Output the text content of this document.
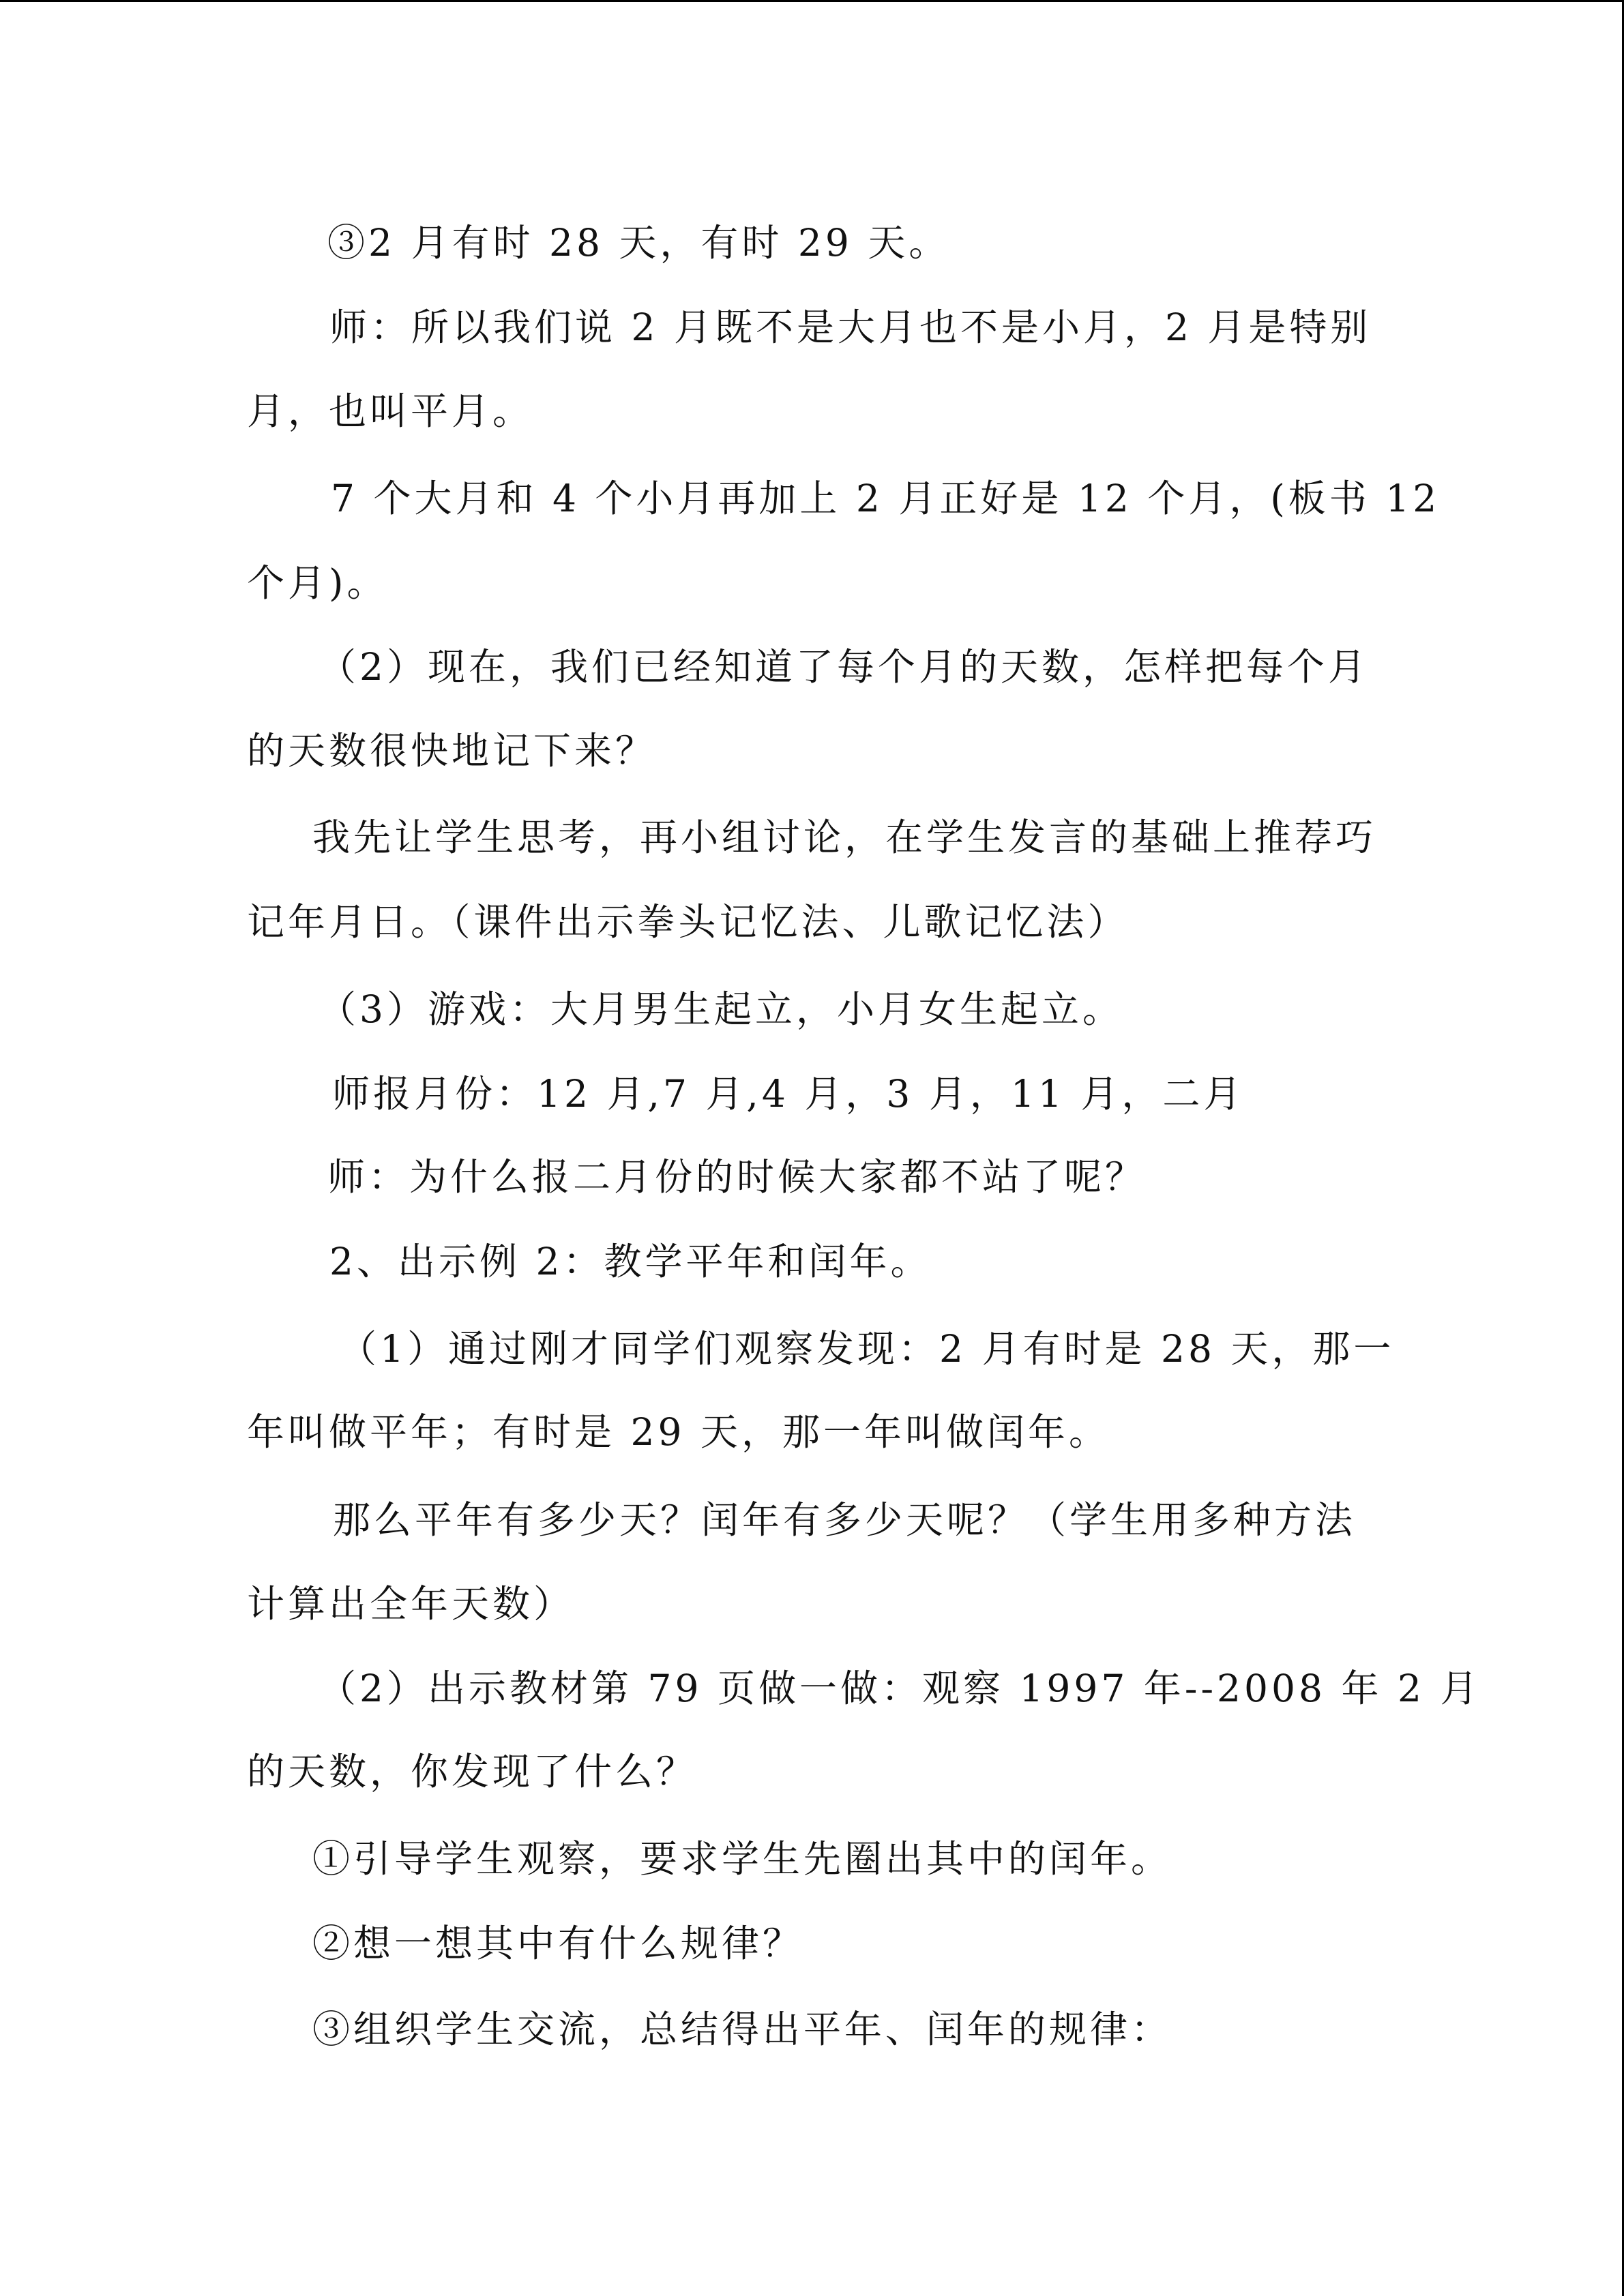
③2 月有时 28 天，有时 29 天。
师：所以我们说 2 月既不是大月也不是小月，2 月是特别
月，也叫平月。
7 个大月和 4 个小月再加上 2 月正好是 12 个月，(板书 12
个月)。
（2）现在，我们已经知道了每个月的天数，怎样把每个月
的天数很快地记下来？
我先让学生思考，再小组讨论，在学生发言的基础上推荐巧
记年月日。（课件出示拳头记忆法、儿歌记忆法）
（3）游戏：大月男生起立，小月女生起立。
师报月份：12 月,7 月,4 月，3 月，11 月，二月
师：为什么报二月份的时候大家都不站了呢？
2、出示例 2：教学平年和闰年。
（1）通过刚才同学们观察发现：2 月有时是 28 天，那一
年叫做平年；有时是 29 天，那一年叫做闰年。
那么平年有多少天？闰年有多少天呢？（学生用多种方法
计算出全年天数）
（2）出示教材第 79 页做一做：观察 1997 年--2008 年 2 月
的天数，你发现了什么？
①引导学生观察，要求学生先圈出其中的闰年。
②想一想其中有什么规律？
③组织学生交流，总结得出平年、闰年的规律：
